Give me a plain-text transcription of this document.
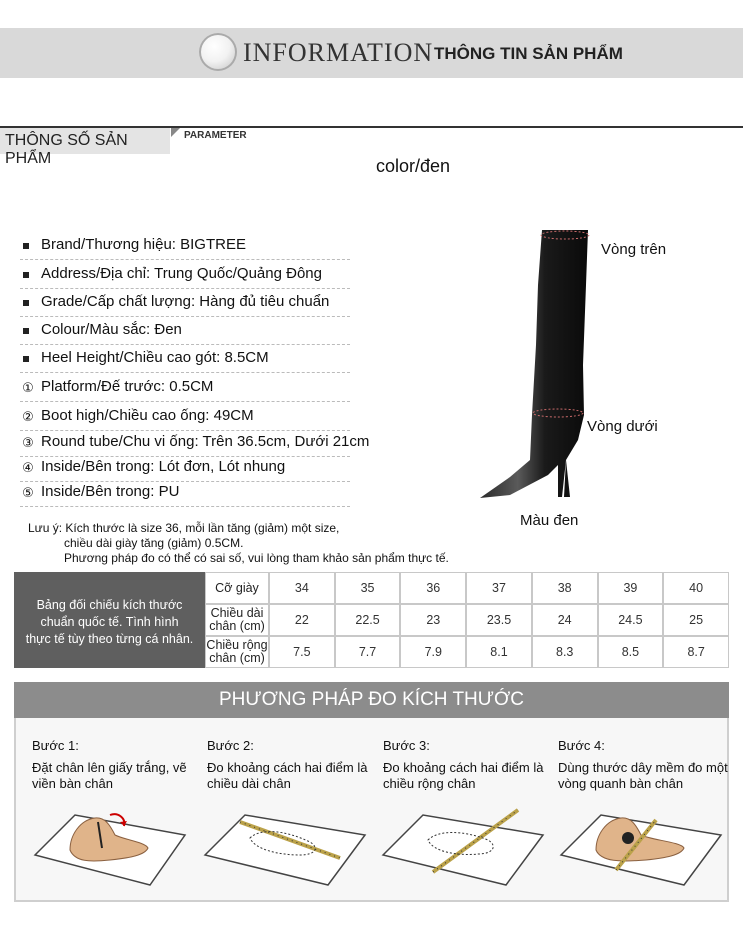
INFORMATION THÔNG TIN SẢN PHẨM
THÔNG SỐ SẢN PHẨM
PARAMETER
color/đen
Brand/Thương hiệu: BIGTREE
Address/Địa chỉ: Trung Quốc/Quảng Đông
Grade/Cấp chất lượng: Hàng đủ tiêu chuẩn
Colour/Màu sắc: Đen
Heel Height/Chiều cao gót: 8.5CM
① Platform/Đế trước: 0.5CM
② Boot high/Chiều cao ống: 49CM
③ Round tube/Chu vi ống: Trên 36.5cm, Dưới 21cm
④ Inside/Bên trong: Lót đơn, Lót nhung
⑤ Inside/Bên trong: PU
Vòng trên
Vòng dưới
Màu đen
Lưu ý: Kích thước là size 36, mỗi lần tăng (giảm) một size,
chiều dài giày tăng (giảm) 0.5CM.
Phương pháp đo có thể có sai số, vui lòng tham khảo sản phẩm thực tế.
Bảng đối chiếu kích thước
chuẩn quốc tế. Tình hình
thực tế tùy theo từng cá nhân.
Cỡ giày	34	35	36	37	38	39	40
Chiều dài chân (cm)	22	22.5	23	23.5	24	24.5	25
Chiều rộng chân (cm)	7.5	7.7	7.9	8.1	8.3	8.5	8.7
PHƯƠNG PHÁP ĐO KÍCH THƯỚC
Bước 1:
Đặt chân lên giấy trắng, vẽ viền bàn chân
Bước 2:
Đo khoảng cách hai điểm là chiều dài chân
Bước 3:
Đo khoảng cách hai điểm là chiều rộng chân
Bước 4:
Dùng thước dây mềm đo một vòng quanh bàn chân
